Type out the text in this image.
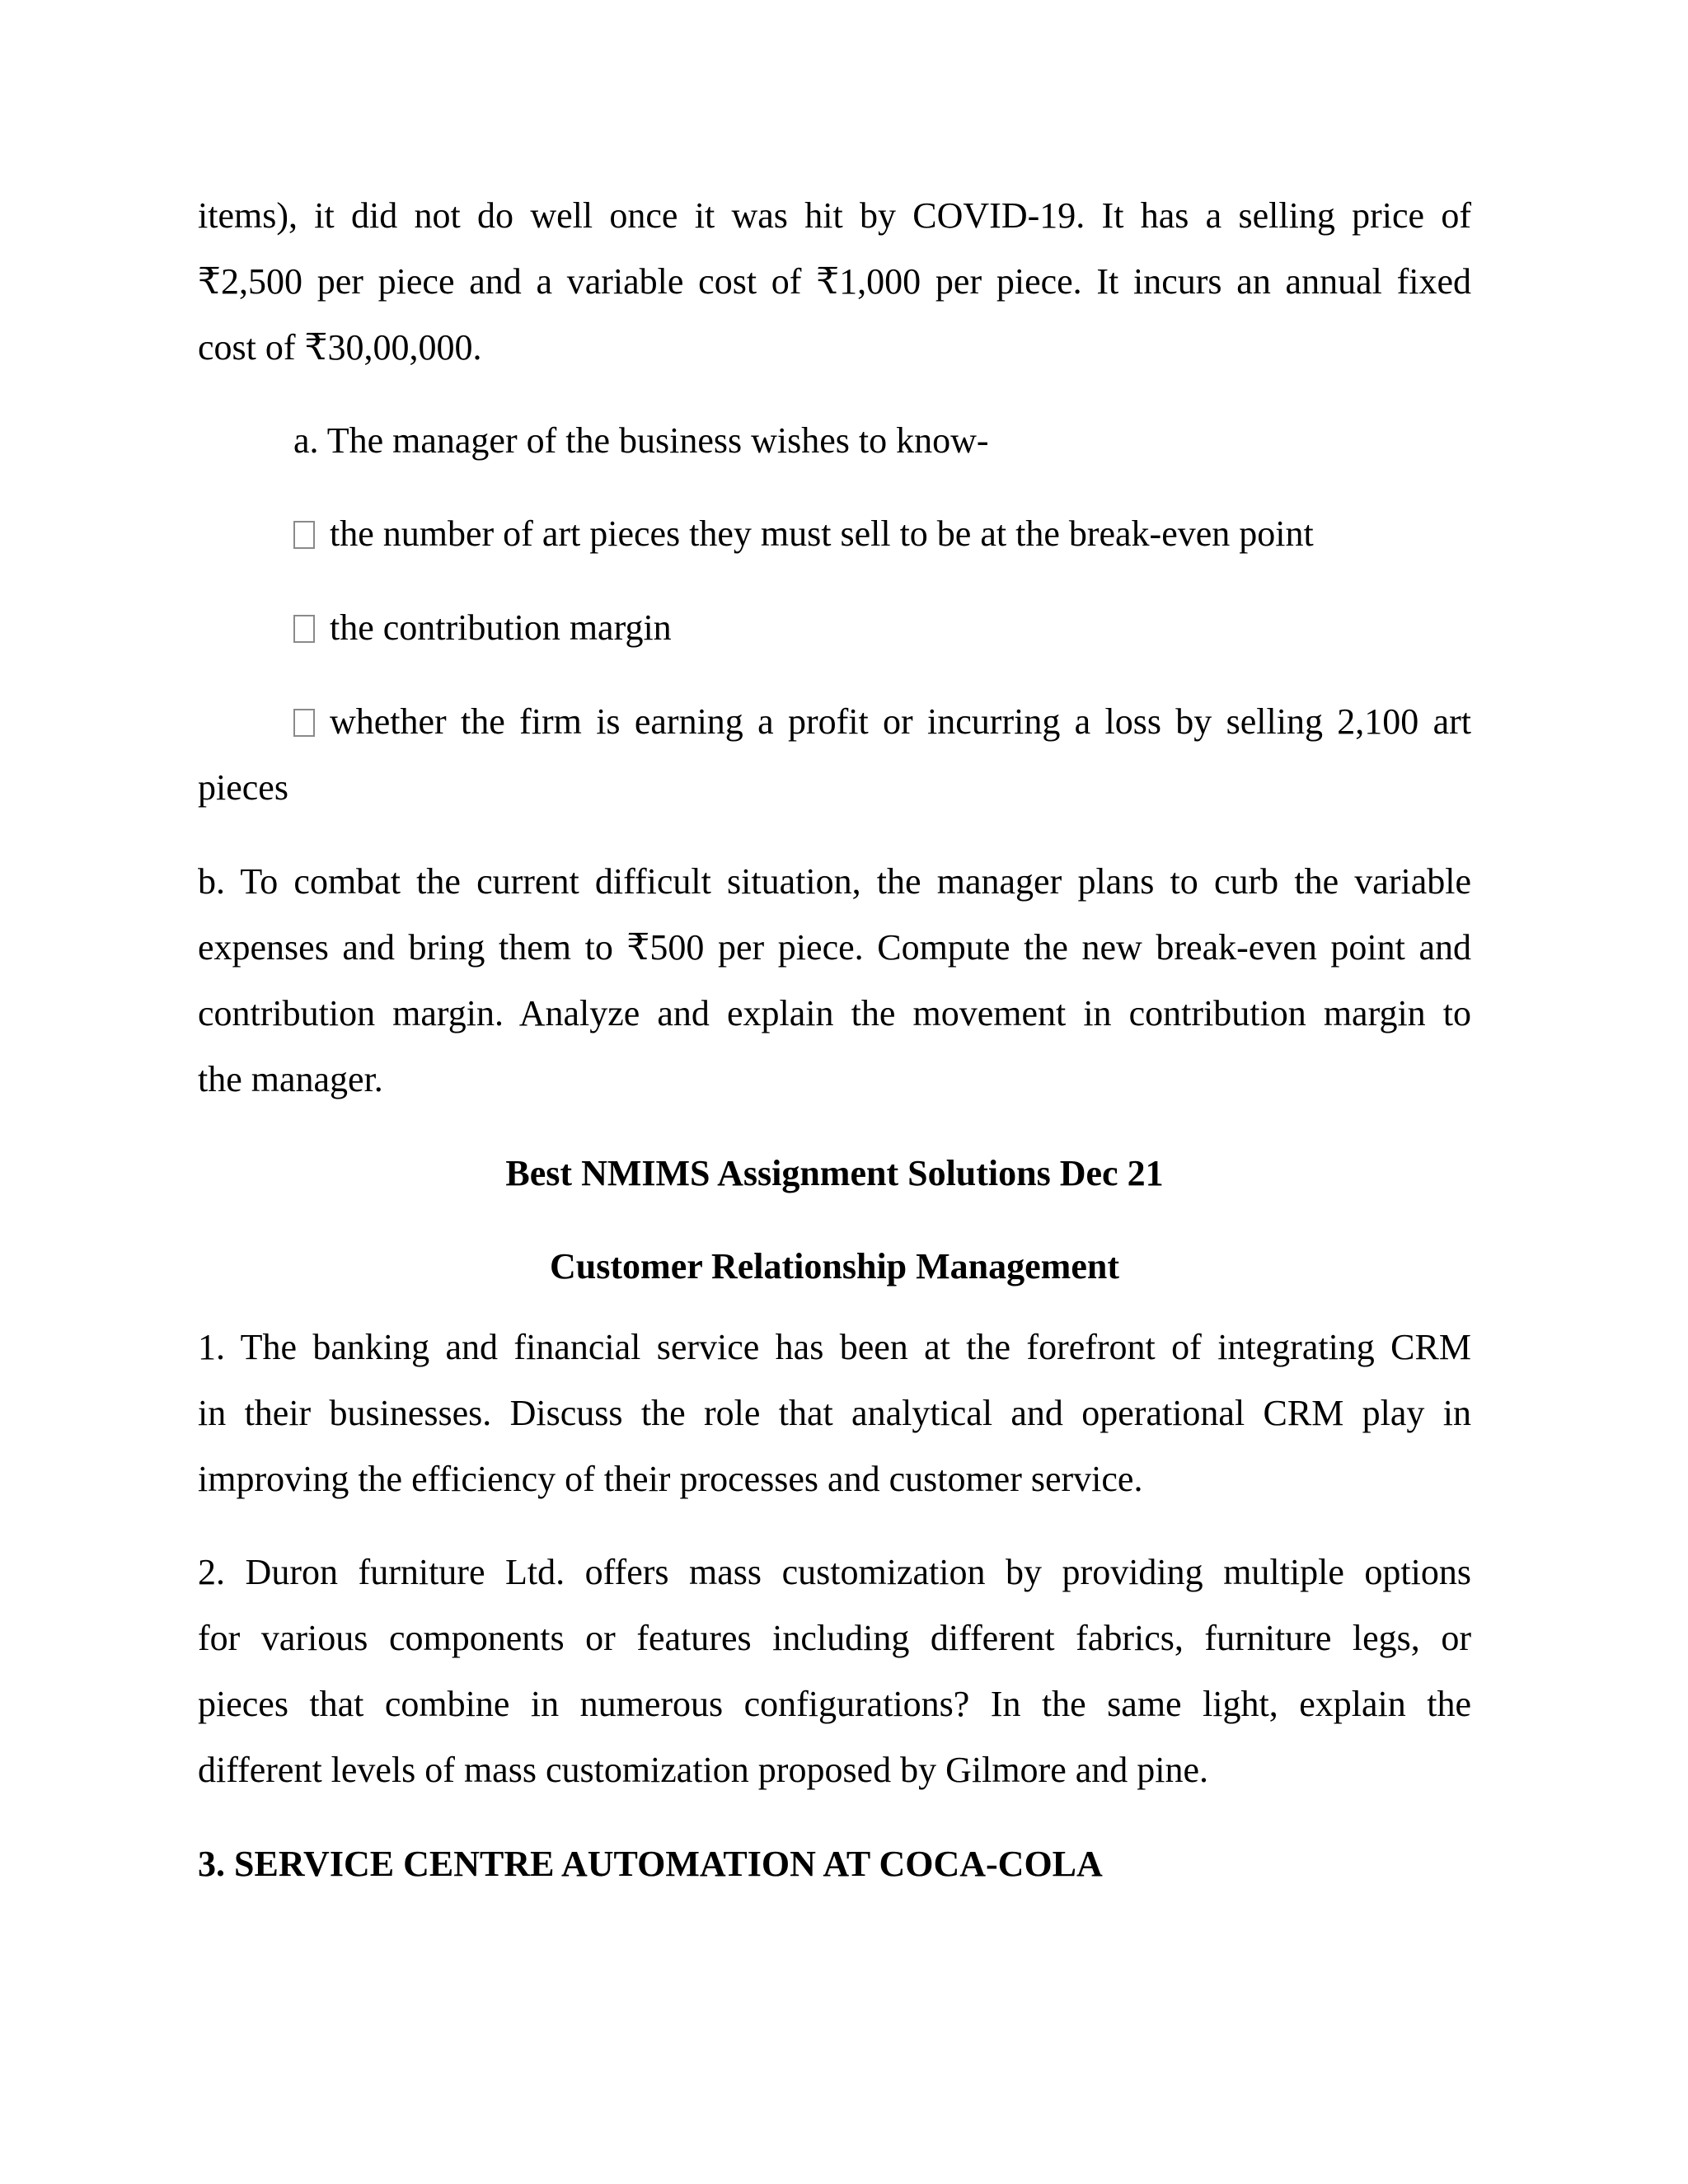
items), it did not do well once it was hit by COVID-19. It has a selling price of
₹2,500 per piece and a variable cost of ₹1,000 per piece. It incurs an annual fixed
cost of ₹30,00,000.
a. The manager of the business wishes to know-
the number of art pieces they must sell to be at the break-even point
the contribution margin
whether the firm is earning a profit or incurring a loss by selling 2,100 art
pieces
b. To combat the current difficult situation, the manager plans to curb the variable
expenses and bring them to ₹500 per piece. Compute the new break-even point and
contribution margin. Analyze and explain the movement in contribution margin to
the manager.
Best NMIMS Assignment Solutions Dec 21
Customer Relationship Management
1. The banking and financial service has been at the forefront of integrating CRM
in their businesses. Discuss the role that analytical and operational CRM play in
improving the efficiency of their processes and customer service.
2. Duron furniture Ltd. offers mass customization by providing multiple options
for various components or features including different fabrics, furniture legs, or
pieces that combine in numerous configurations? In the same light, explain the
different levels of mass customization proposed by Gilmore and pine.
3. SERVICE CENTRE AUTOMATION AT COCA-COLA
